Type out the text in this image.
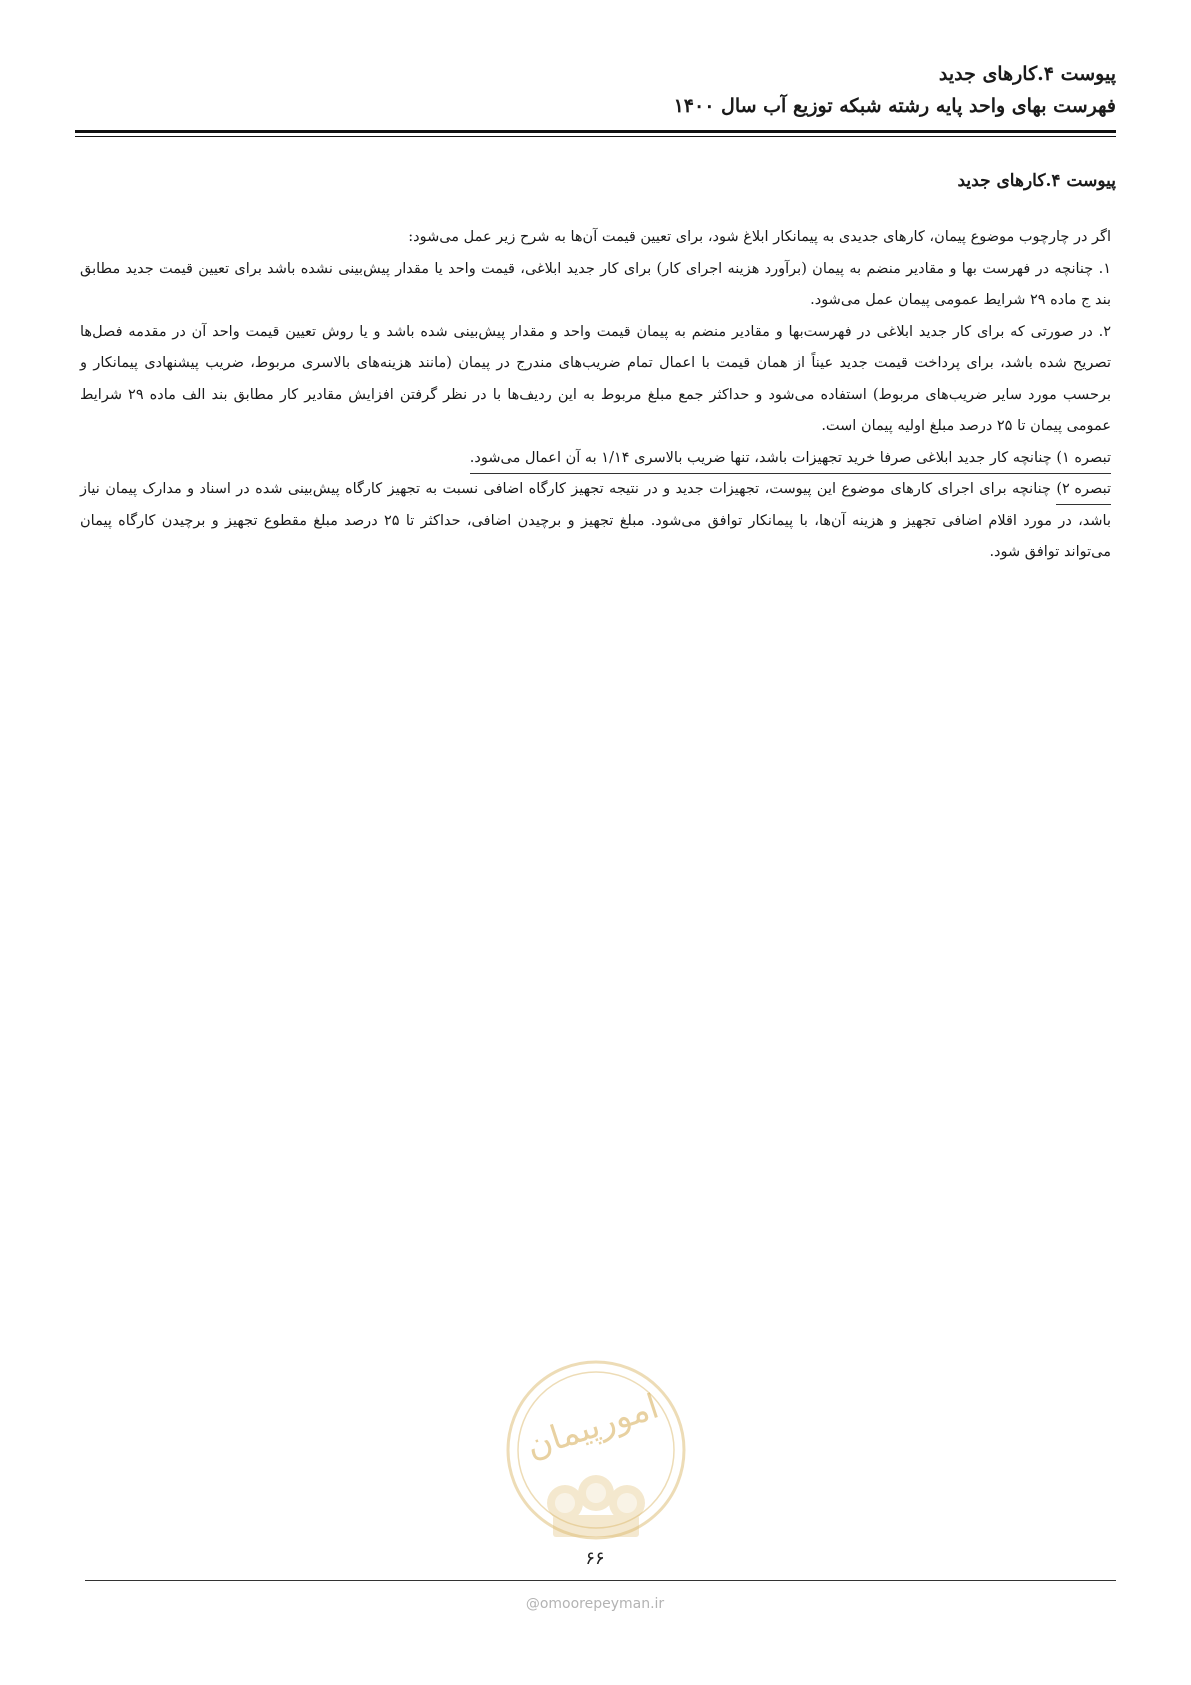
پیوست ۴.کارهای جدید
فهرست بهای واحد پایه رشته شبکه توزیع آب سال ۱۴۰۰
پیوست ۴.کارهای جدید

اگر در چارچوب موضوع پیمان، کارهای جدیدی به پیمانکار ابلاغ شود، برای تعیین قیمت آن‌ها به شرح زیر عمل می‌شود:

۱. چنانچه در فهرست بها و مقادیر منضم به پیمان (برآورد هزینه اجرای کار) برای کار جدید ابلاغی، قیمت واحد یا مقدار پیش‌بینی نشده باشد برای تعیین قیمت جدید مطابق بند ج ماده ۲۹ شرایط عمومی پیمان عمل می‌شود.

۲. در صورتی که برای کار جدید ابلاغی در فهرست‌بها و مقادیر منضم به پیمان قیمت واحد و مقدار پیش‌بینی شده باشد و یا روش تعیین قیمت واحد آن در مقدمه فصل‌ها تصریح شده باشد، برای پرداخت قیمت جدید عیناً از همان قیمت با اعمال تمام ضریب‌های مندرج در پیمان (مانند هزینه‌های بالاسری مربوط، ضریب پیشنهادی پیمانکار و برحسب مورد سایر ضریب‌های مربوط) استفاده می‌شود و حداکثر جمع مبلغ مربوط به این ردیف‌ها با در نظر گرفتن افزایش مقادیر کار مطابق بند الف ماده ۲۹ شرایط عمومی پیمان تا ۲۵ درصد مبلغ اولیه پیمان است.

تبصره ۱) چنانچه کار جدید ابلاغی صرفا خرید تجهیزات باشد، تنها ضریب بالاسری ۱/۱۴ به آن اعمال می‌شود.

تبصره ۲) چنانچه برای اجرای کارهای موضوع این پیوست، تجهیزات جدید و در نتیجه تجهیز کارگاه اضافی نسبت به تجهیز کارگاه پیش‌بینی شده در اسناد و مدارک پیمان نیاز باشد، در مورد اقلام اضافی تجهیز و هزینه آن‌ها، با پیمانکار توافق می‌شود. مبلغ تجهیز و برچیدن اضافی، حداکثر تا ۲۵ درصد مبلغ مقطوع تجهیز و برچیدن کارگاه پیمان می‌تواند توافق شود.

امورپیمان
۶۶
@omoorepeyman.ir
